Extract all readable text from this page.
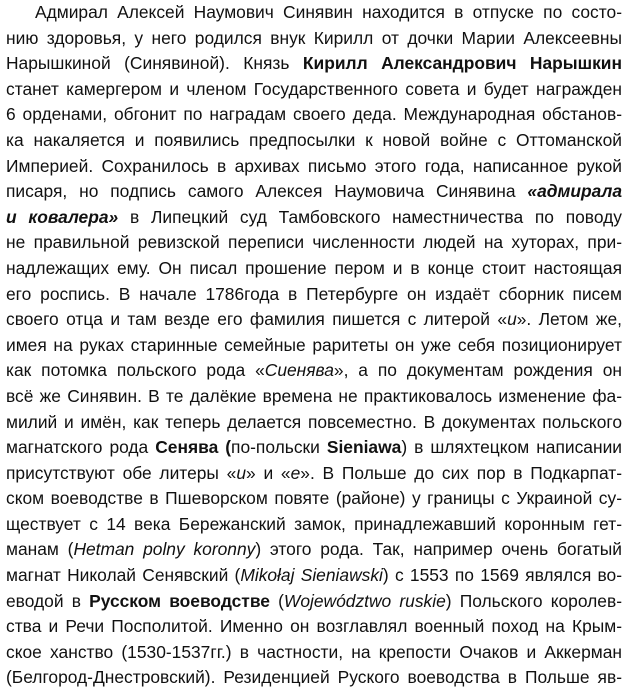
Адмирал Алексей Наумович Синявин находится в отпуске по состо-
нию здоровья, у него родился внук Кирилл от дочки Марии Алексеевны
Нарышкиной (Синявиной). Князь Кирилл Александрович Нарышкин
станет камергером и членом Государственного совета и будет награжден
6 орденами, обгонит по наградам своего деда. Международная обстанов-
ка накаляется и появились предпосылки к новой войне с Оттоманской
Империей. Сохранилось в архивах письмо этого года, написанное рукой
писаря, но подпись самого Алексея Наумовича Синявина «адмирала
и ковалера» в Липецкий суд Тамбовского наместничества по поводу
не правильной ревизской переписи численности людей на хуторах, при-
надлежащих ему. Он писал прошение пером и в конце стоит настоящая
его роспись. В начале 1786года в Петербурге он издаёт сборник писем
своего отца и там везде его фамилия пишется с литерой «и». Летом же,
имея на руках старинные семейные раритеты он уже себя позиционирует
как потомка польского рода «Сиенява», а по документам рождения он
всё же Синявин. В те далёкие времена не практиковалось изменение фа-
милий и имён, как теперь делается повсеместно. В документах польского
магнатского рода Сенява (по-польски Sieniawa) в шляхтецком написании
присутствуют обе литеры «и» и «е». В Польше до сих пор в Подкарпат-
ском воеводстве в Пшеворском повяте (районе) у границы с Украиной су-
ществует с 14 века Бережанский замок, принадлежавший коронным гет-
манам (Hetman polny koronny) этого рода. Так, например очень богатый
магнат Николай Сенявский (Mikołaj Sieniawski) с 1553 по 1569 являлся во-
еводой в Русском воеводстве (Województwo ruskie) Польского королев-
ства и Речи Посполитой. Именно он возглавлял военный поход на Крым-
ское ханство (1530-1537гг.) в частности, на крепости Очаков и Аккерман
(Белгород-Днестровский). Резиденцией Руского воеводства в Польше яв-
